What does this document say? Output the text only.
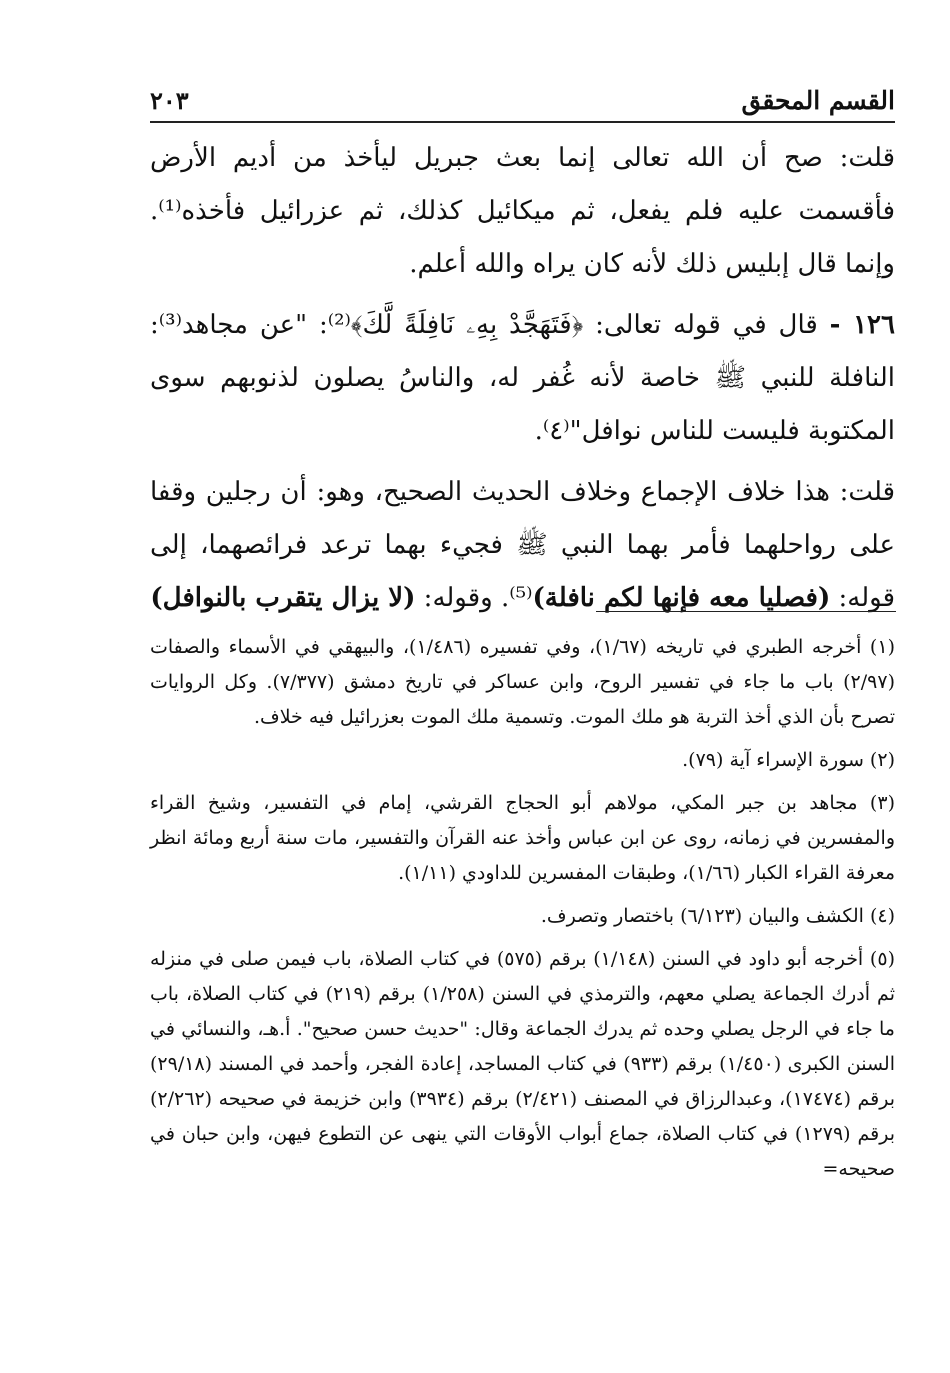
القسم المحقق
٢٠٣

قلت: صح أن الله تعالى إنما بعث جبريل ليأخذ من أديم الأرض فأقسمت عليه فلم يفعل، ثم ميكائيل كذلك، ثم عزرائيل فأخذه⁽¹⁾. وإنما قال إبليس ذلك لأنه كان يراه والله أعلم.

١٢٦ - قال في قوله تعالى: ﴿فَتَهَجَّدْ بِهِۦ نَافِلَةً لَّكَ﴾⁽²⁾: "عن مجاهد⁽³⁾: النافلة للنبي ﷺ خاصة لأنه غُفر له، والناسُ يصلون لذنوبهم سوى المكتوبة فليست للناس نوافل"⁽٤⁾.

قلت: هذا خلاف الإجماع وخلاف الحديث الصحيح، وهو: أن رجلين وقفا على رواحلهما فأمر بهما النبي ﷺ فجيء بهما ترعد فرائصهما، إلى قوله: (فصليا معه فإنها لكم نافلة)⁽⁵⁾. وقوله: (لا يزال يتقرب بالنوافل)

(١) أخرجه الطبري في تاريخه (١/٦٧)، وفي تفسيره (١/٤٨٦)، والبيهقي في الأسماء والصفات (٢/٩٧) باب ما جاء في تفسير الروح، وابن عساكر في تاريخ دمشق (٧/٣٧٧). وكل الروايات تصرح بأن الذي أخذ التربة هو ملك الموت. وتسمية ملك الموت بعزرائيل فيه خلاف.

(٢) سورة الإسراء آية (٧٩).

(٣) مجاهد بن جبر المكي، مولاهم أبو الحجاج القرشي، إمام في التفسير، وشيخ القراء والمفسرين في زمانه، روى عن ابن عباس وأخذ عنه القرآن والتفسير، مات سنة أربع ومائة انظر معرفة القراء الكبار (١/٦٦)، وطبقات المفسرين للداودي (١/١١).

(٤) الكشف والبيان (٦/١٢٣) باختصار وتصرف.

(٥) أخرجه أبو داود في السنن (١/١٤٨) برقم (٥٧٥) في كتاب الصلاة، باب فيمن صلى في منزله ثم أدرك الجماعة يصلي معهم، والترمذي في السنن (١/٢٥٨) برقم (٢١٩) في كتاب الصلاة، باب ما جاء في الرجل يصلي وحده ثم يدرك الجماعة وقال: "حديث حسن صحيح". أ.هـ، والنسائي في السنن الكبرى (١/٤٥٠) برقم (٩٣٣) في كتاب المساجد، إعادة الفجر، وأحمد في المسند (٢٩/١٨) برقم (١٧٤٧٤)، وعبدالرزاق في المصنف (٢/٤٢١) برقم (٣٩٣٤) وابن خزيمة في صحيحه (٢/٢٦٢) برقم (١٢٧٩) في كتاب الصلاة، جماع أبواب الأوقات التي ينهى عن التطوع فيهن، وابن حبان في صحيحه=
